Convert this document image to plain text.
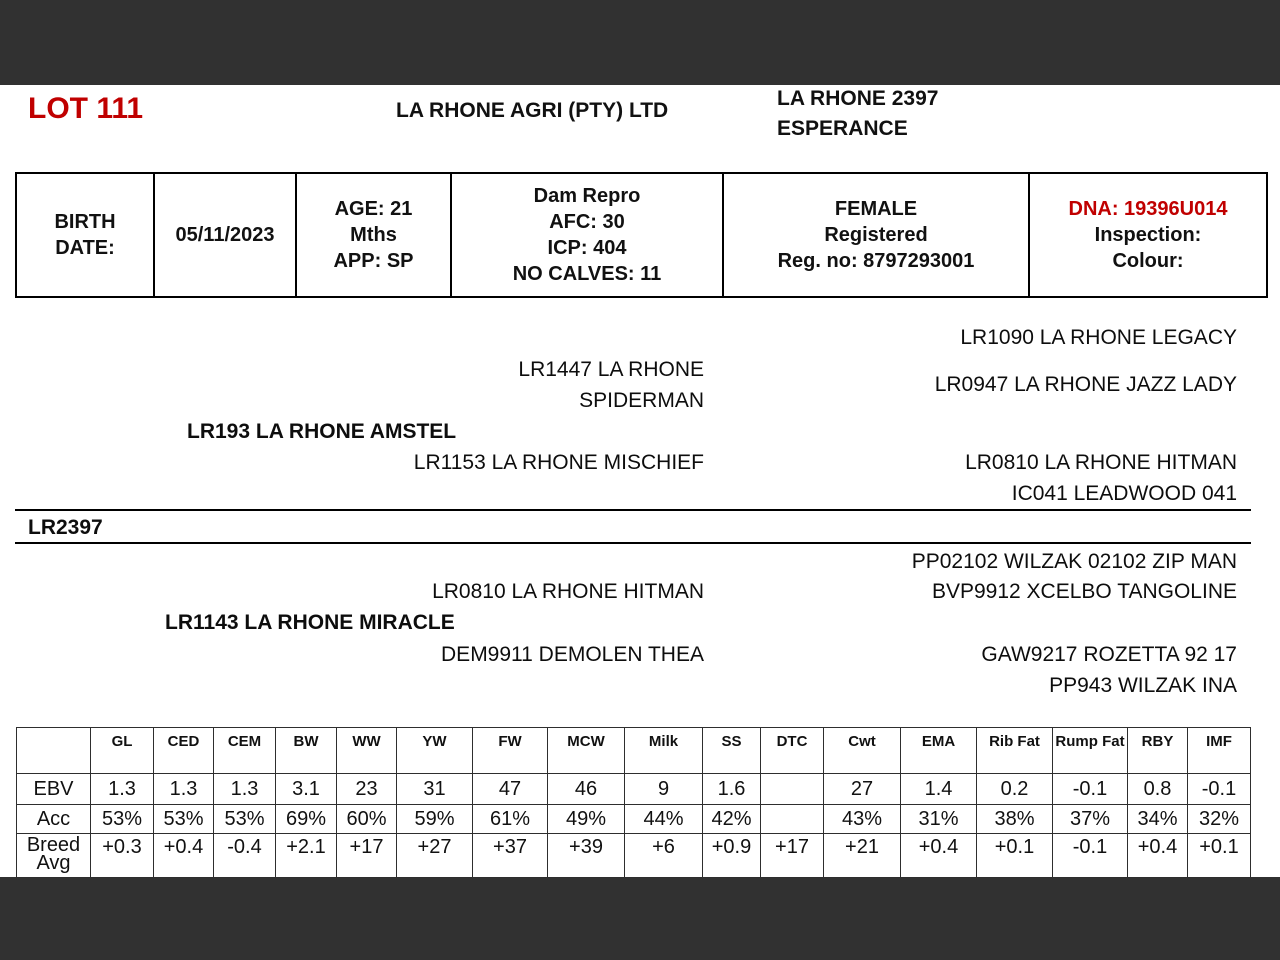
LOT 111	LA RHONE AGRI (PTY) LTD
LA RHONE 2397
ESPERANCE
BIRTH
DATE:

05/11/2023

AGE: 21
Mths
APP: SP

Dam Repro
AFC: 30
ICP: 404
NO CALVES: 11

FEMALE
Registered
Reg. no: 8797293001

DNA: 19396U014
Inspection:
Colour:
LR1090 LA RHONE LEGACY
LR1447 LA RHONE
LR0947 LA RHONE JAZZ LADY
SPIDERMAN
LR193 LA RHONE AMSTEL
LR1153 LA RHONE MISCHIEF	LR0810 LA RHONE HITMAN
IC041 LEADWOOD 041
LR2397
PP02102 WILZAK 02102 ZIP MAN
LR0810 LA RHONE HITMAN	BVP9912 XCELBO TANGOLINE
LR1143 LA RHONE MIRACLE
DEM9911 DEMOLEN THEA	GAW9217 ROZETTA 92 17
PP943 WILZAK INA
	GL	CED	CEM	BW	WW	YW	FW	MCW	Milk	SS	DTC	Cwt	EMA	Rib Fat	Rump Fat	RBY	IMF
EBV	1.3	1.3	1.3	3.1	23	31	47	46	9	1.6		27	1.4	0.2	-0.1	0.8	-0.1
Acc	53%	53%	53%	69%	60%	59%	61%	49%	44%	42%		43%	31%	38%	37%	34%	32%
Breed Avg	+0.3	+0.4	-0.4	+2.1	+17	+27	+37	+39	+6	+0.9	+17	+21	+0.4	+0.1	-0.1	+0.4	+0.1
